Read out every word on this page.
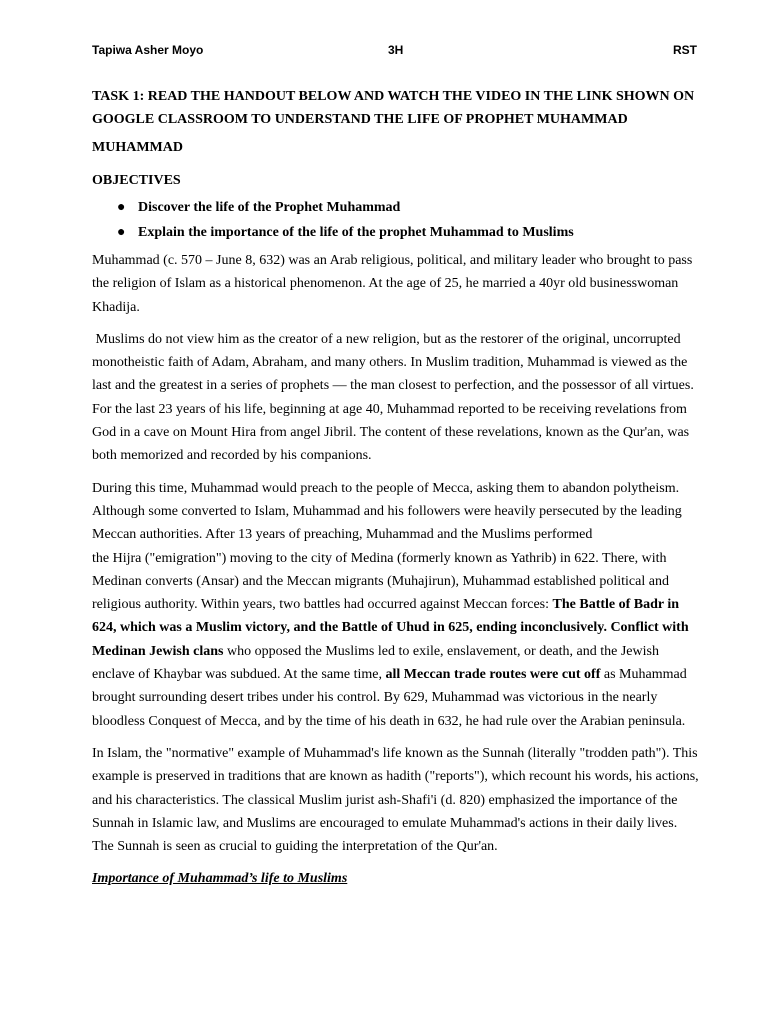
Tapiwa Asher Moyo	3H	RST

TASK 1: READ THE HANDOUT BELOW AND WATCH THE VIDEO IN THE LINK SHOWN ON GOOGLE CLASSROOM TO UNDERSTAND THE LIFE OF PROPHET MUHAMMAD

MUHAMMAD

OBJECTIVES

● Discover the life of the Prophet Muhammad
● Explain the importance of the life of the prophet Muhammad to Muslims

Muhammad (c. 570 – June 8, 632) was an Arab religious, political, and military leader who brought to pass the religion of Islam as a historical phenomenon. At the age of 25, he married a 40yr old businesswoman Khadija.

Muslims do not view him as the creator of a new religion, but as the restorer of the original, uncorrupted monotheistic faith of Adam, Abraham, and many others. In Muslim tradition, Muhammad is viewed as the last and the greatest in a series of prophets — the man closest to perfection, and the possessor of all virtues. For the last 23 years of his life, beginning at age 40, Muhammad reported to be receiving revelations from God in a cave on Mount Hira from angel Jibril. The content of these revelations, known as the Qur'an, was both memorized and recorded by his companions.

During this time, Muhammad would preach to the people of Mecca, asking them to abandon polytheism. Although some converted to Islam, Muhammad and his followers were heavily persecuted by the leading Meccan authorities. After 13 years of preaching, Muhammad and the Muslims performed
the Hijra ("emigration") moving to the city of Medina (formerly known as Yathrib) in 622. There, with Medinan converts (Ansar) and the Meccan migrants (Muhajirun), Muhammad established political and religious authority. Within years, two battles had occurred against Meccan forces: The Battle of Badr in 624, which was a Muslim victory, and the Battle of Uhud in 625, ending inconclusively. Conflict with Medinan Jewish clans who opposed the Muslims led to exile, enslavement, or death, and the Jewish enclave of Khaybar was subdued. At the same time, all Meccan trade routes were cut off as Muhammad brought surrounding desert tribes under his control. By 629, Muhammad was victorious in the nearly bloodless Conquest of Mecca, and by the time of his death in 632, he had rule over the Arabian peninsula.

In Islam, the "normative" example of Muhammad's life known as the Sunnah (literally "trodden path"). This example is preserved in traditions that are known as hadith ("reports"), which recount his words, his actions, and his characteristics. The classical Muslim jurist ash-Shafi'i (d. 820) emphasized the importance of the Sunnah in Islamic law, and Muslims are encouraged to emulate Muhammad's actions in their daily lives. The Sunnah is seen as crucial to guiding the interpretation of the Qur'an.

Importance of Muhammad’s life to Muslims
